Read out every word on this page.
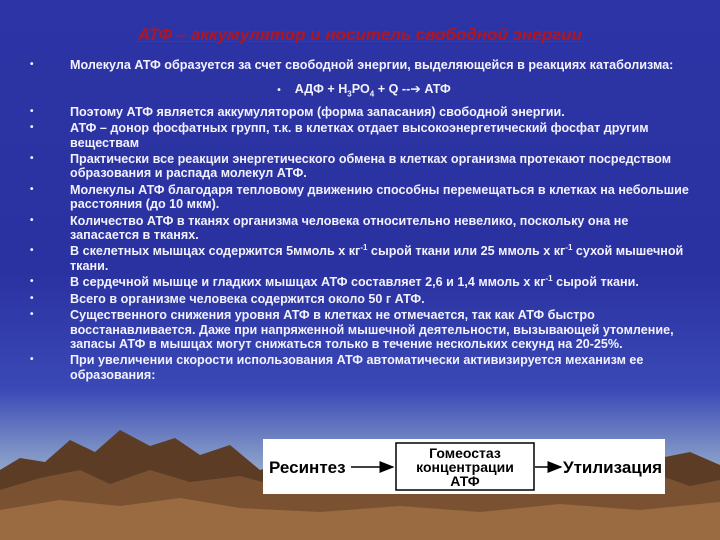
АТФ – аккумулятор и носитель свободной энергии
•	Молекула АТФ образуется за счет свободной энергии, выделяющейся в реакциях катаболизма:
• АДФ + $Н_3РО_4 + Q$ --➔ АТФ
•	Поэтому АТФ является аккумулятором (форма запасания) свободной энергии.
•	АТФ – донор фосфатных групп, т.к. в клетках отдает высокоэнергетический фосфат другим веществам
•	Практически все реакции энергетического обмена в клетках организма протекают посредством образования и распада молекул АТФ.
•	Молекулы АТФ благодаря тепловому движению способны перемещаться в клетках на небольшие расстояния (до 10 мкм).
•	Количество АТФ в тканях организма человека относительно невелико, поскольку она не запасается в тканях.
•	В скелетных мышцах содержится 5ммоль х $кг^{-1}$ сырой ткани или 25 ммоль х $кг^{-1}$ сухой мышечной ткани.
•	В сердечной мышце и гладких мышцах АТФ составляет 2,6 и 1,4 ммоль х $кг^{-1}$ сырой ткани.
•	Всего в организме человека содержится около 50 г АТФ.
•	Существенного снижения уровня АТФ в клетках не отмечается, так как АТФ быстро восстанавливается. Даже при напряженной мышечной деятельности, вызывающей утомление, запасы АТФ в мышцах могут снижаться только в течение нескольких секунд на 20-25%.
•	При увеличении скорости использования АТФ автоматически активизируется механизм ее образования:
Ресинтез
Гомеостаз
концентрации
АТФ
Утилизация
